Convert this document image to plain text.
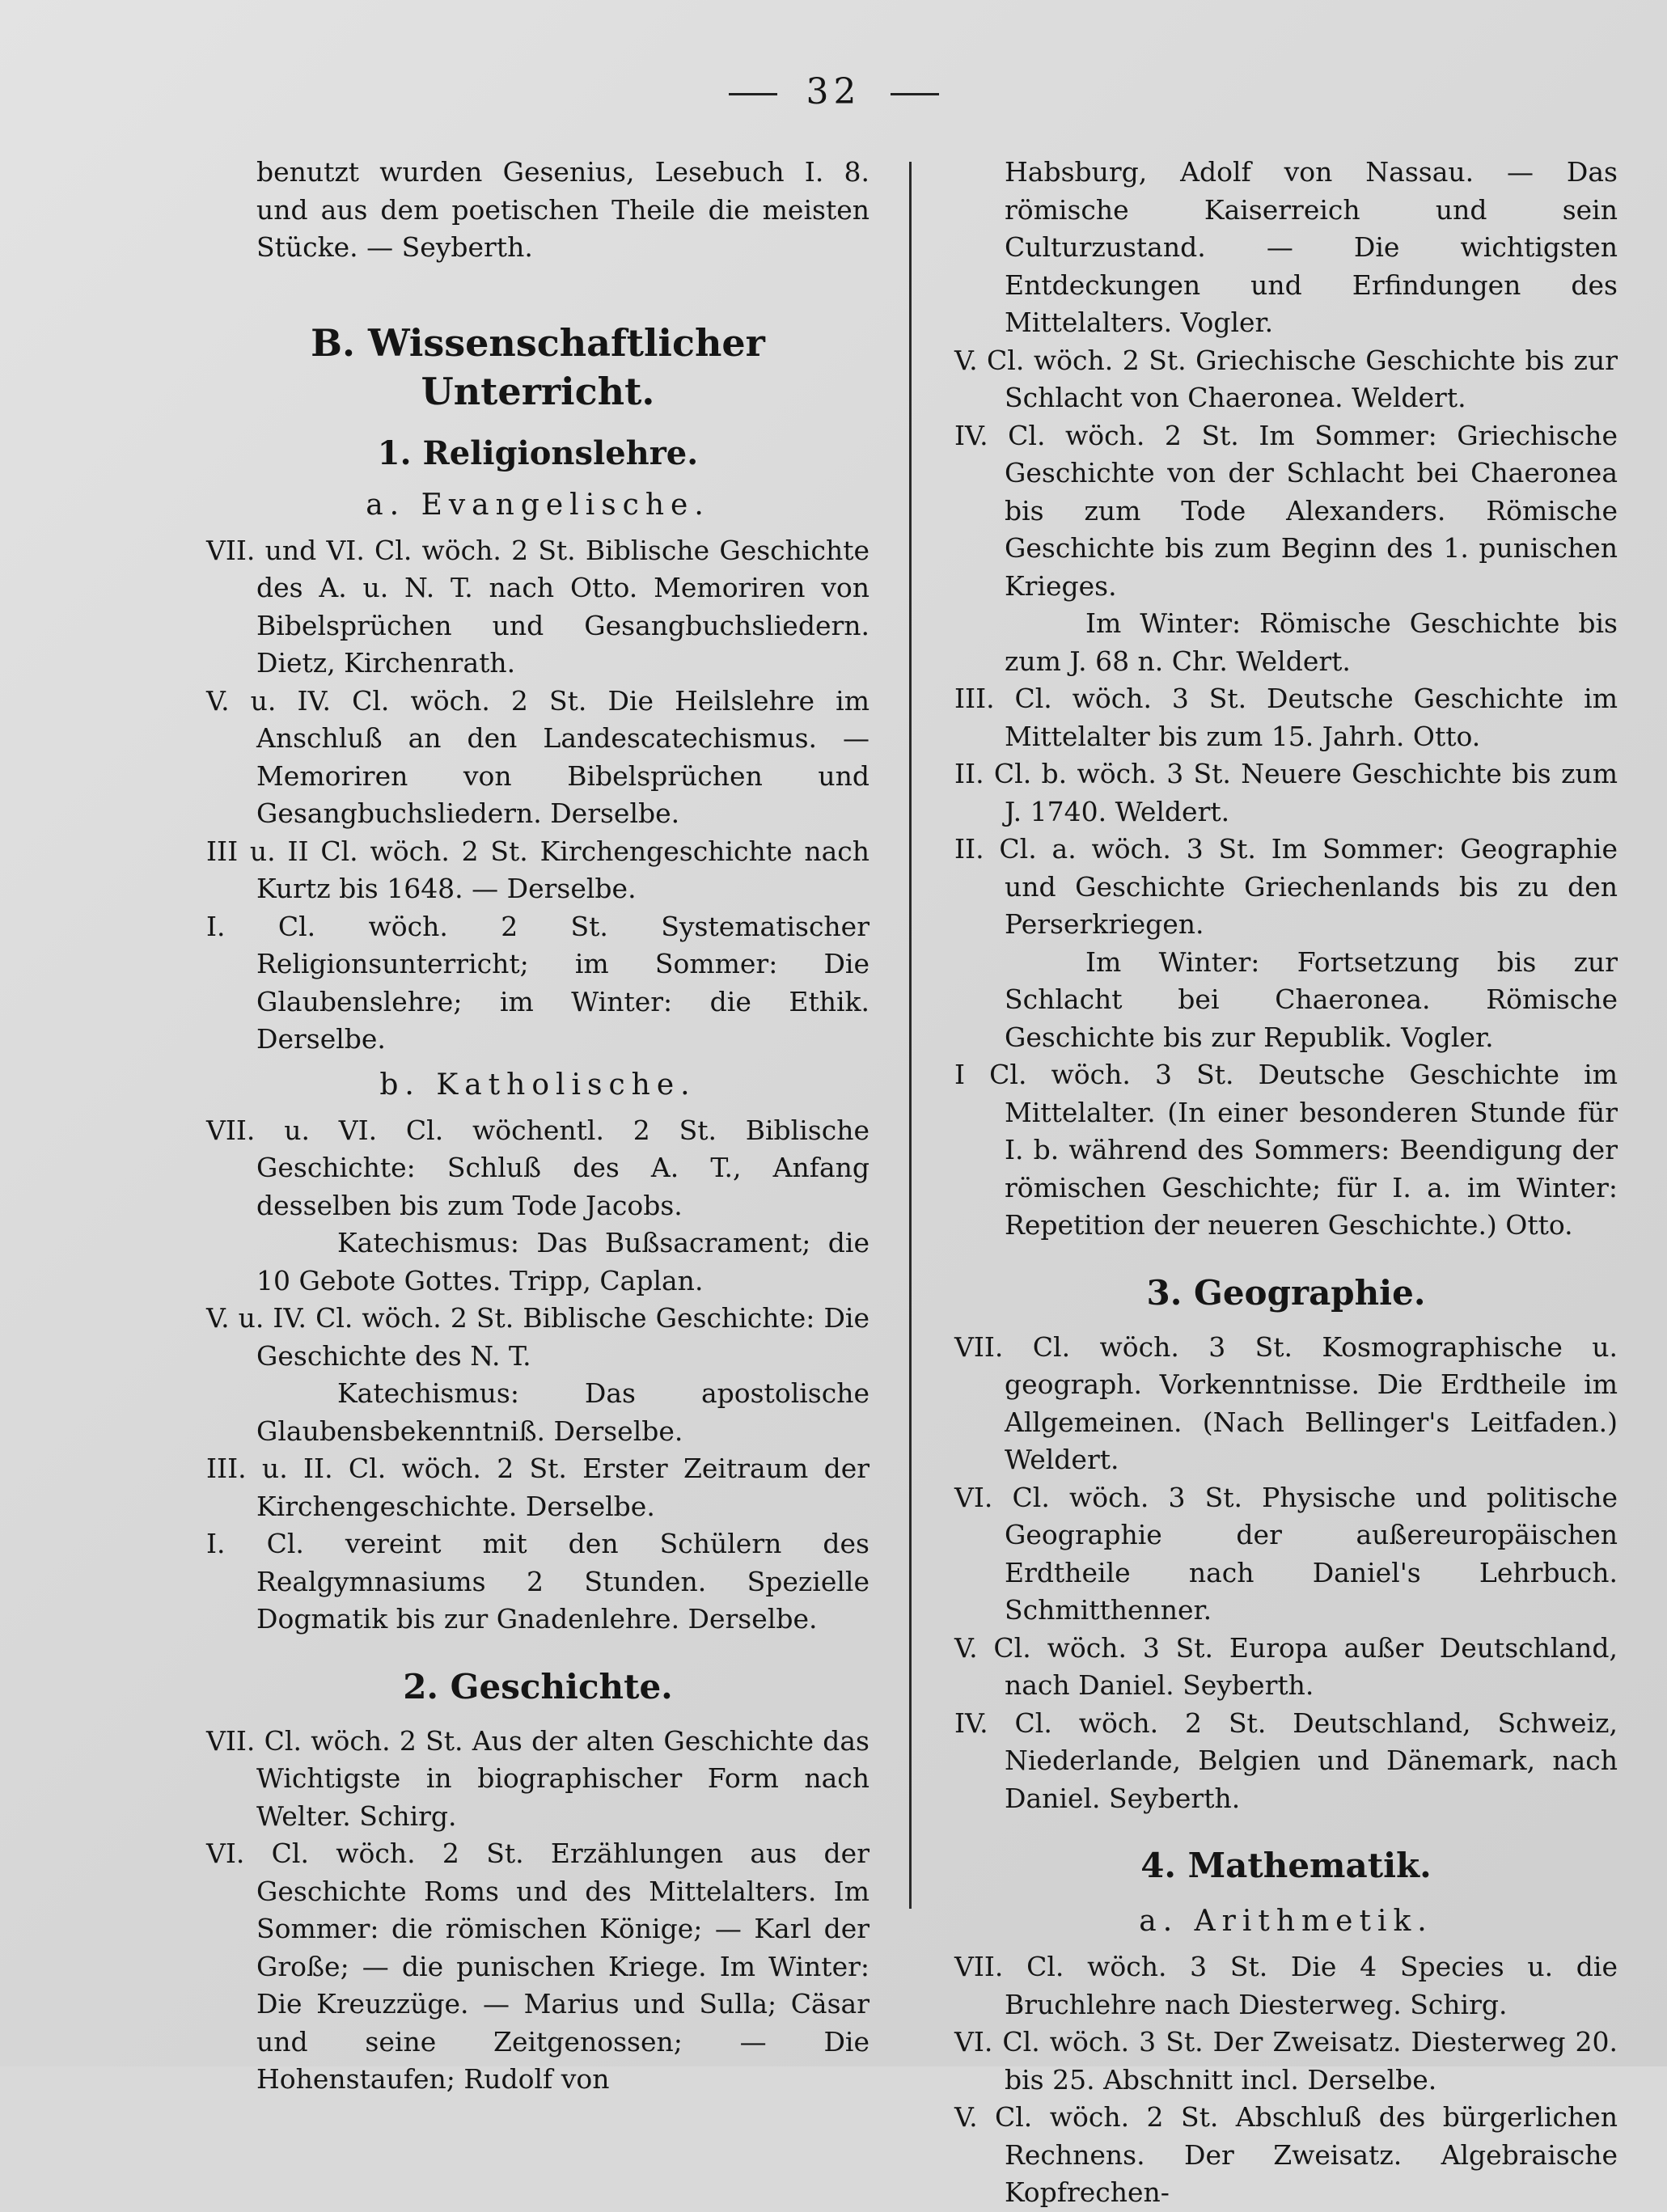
32

benutzt wurden Gesenius, Lesebuch I. 8. und aus dem poetischen Theile die meisten Stücke. — Seyberth.

B. Wissenschaftlicher Unterricht.
1. Religionslehre.
a. Evangelische.

VII. und VI. Cl. wöch. 2 St. Biblische Geschichte des A. u. N. T. nach Otto. Memoriren von Bibelsprüchen und Gesangbuchsliedern. Dietz, Kirchenrath.

V. u. IV. Cl. wöch. 2 St. Die Heilslehre im Anschluß an den Landescatechismus. — Memoriren von Bibelsprüchen und Gesangbuchsliedern. Derselbe.

III u. II Cl. wöch. 2 St. Kirchengeschichte nach Kurtz bis 1648. — Derselbe.

I. Cl. wöch. 2 St. Systematischer Religionsunterricht; im Sommer: Die Glaubenslehre; im Winter: die Ethik. Derselbe.

b. Katholische.

VII. u. VI. Cl. wöchentl. 2 St. Biblische Geschichte: Schluß des A. T., Anfang desselben bis zum Tode Jacobs.

Katechismus: Das Bußsacrament; die 10 Gebote Gottes. Tripp, Caplan.

V. u. IV. Cl. wöch. 2 St. Biblische Geschichte: Die Geschichte des N. T.

Katechismus: Das apostolische Glaubensbekenntniß. Derselbe.

III. u. II. Cl. wöch. 2 St. Erster Zeitraum der Kirchengeschichte. Derselbe.

I. Cl. vereint mit den Schülern des Realgymnasiums 2 Stunden. Spezielle Dogmatik bis zur Gnadenlehre. Derselbe.

2. Geschichte.

VII. Cl. wöch. 2 St. Aus der alten Geschichte das Wichtigste in biographischer Form nach Welter. Schirg.

VI. Cl. wöch. 2 St. Erzählungen aus der Geschichte Roms und des Mittelalters. Im Sommer: die römischen Könige; — Karl der Große; — die punischen Kriege. Im Winter: Die Kreuzzüge. — Marius und Sulla; Cäsar und seine Zeitgenossen; — Die Hohenstaufen; Rudolf von

Habsburg, Adolf von Nassau. — Das römische Kaiserreich und sein Culturzustand. — Die wichtigsten Entdeckungen und Erfindungen des Mittelalters. Vogler.

V. Cl. wöch. 2 St. Griechische Geschichte bis zur Schlacht von Chaeronea. Weldert.

IV. Cl. wöch. 2 St. Im Sommer: Griechische Geschichte von der Schlacht bei Chaeronea bis zum Tode Alexanders. Römische Geschichte bis zum Beginn des 1. punischen Krieges.

Im Winter: Römische Geschichte bis zum J. 68 n. Chr. Weldert.

III. Cl. wöch. 3 St. Deutsche Geschichte im Mittelalter bis zum 15. Jahrh. Otto.

II. Cl. b. wöch. 3 St. Neuere Geschichte bis zum J. 1740. Weldert.

II. Cl. a. wöch. 3 St. Im Sommer: Geographie und Geschichte Griechenlands bis zu den Perserkriegen.

Im Winter: Fortsetzung bis zur Schlacht bei Chaeronea. Römische Geschichte bis zur Republik. Vogler.

I Cl. wöch. 3 St. Deutsche Geschichte im Mittelalter. (In einer besonderen Stunde für I. b. während des Sommers: Beendigung der römischen Geschichte; für I. a. im Winter: Repetition der neueren Geschichte.) Otto.

3. Geographie.

VII. Cl. wöch. 3 St. Kosmographische u. geograph. Vorkenntnisse. Die Erdtheile im Allgemeinen. (Nach Bellinger's Leitfaden.) Weldert.

VI. Cl. wöch. 3 St. Physische und politische Geographie der außereuropäischen Erdtheile nach Daniel's Lehrbuch. Schmitthenner.

V. Cl. wöch. 3 St. Europa außer Deutschland, nach Daniel. Seyberth.

IV. Cl. wöch. 2 St. Deutschland, Schweiz, Niederlande, Belgien und Dänemark, nach Daniel. Seyberth.

4. Mathematik.
a. Arithmetik.

VII. Cl. wöch. 3 St. Die 4 Species u. die Bruchlehre nach Diesterweg. Schirg.

VI. Cl. wöch. 3 St. Der Zweisatz. Diesterweg 20. bis 25. Abschnitt incl. Derselbe.

V. Cl. wöch. 2 St. Abschluß des bürgerlichen Rechnens. Der Zweisatz. Algebraische Kopfrechen-
